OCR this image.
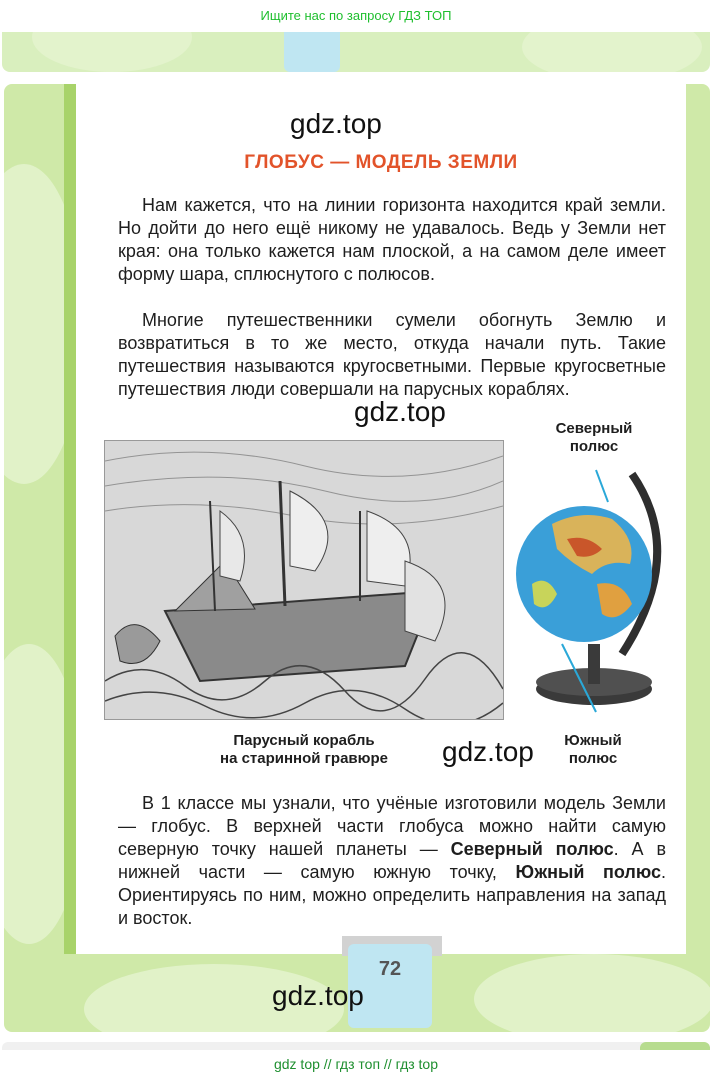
Ищите нас по запросу ГДЗ ТОП
gdz.top
ГЛОБУС — МОДЕЛЬ ЗЕМЛИ

Нам кажется, что на линии горизонта находится край земли. Но дойти до него ещё никому не удавалось. Ведь у Земли нет края: она только кажется нам плоской, а на самом деле имеет форму шара, сплюснутого с полюсов.

Многие путешественники сумели обогнуть Землю и возвратиться в то же место, откуда начали путь. Такие путешествия называются кругосветными. Первые кругосветные путешествия люди совершали на парусных кораблях.

gdz.top
Северный
полюс
Парусный корабль
на старинной гравюре	gdz.top	Южный
полюс

В 1 классе мы узнали, что учёные изготовили модель Земли — глобус. В верхней части глобуса можно найти самую северную точку нашей планеты — Северный полюс. А в нижней части — самую южную точку, Южный полюс. Ориентируясь по ним, можно определить направления на запад и восток.

72
gdz.top
gdz top // гдз топ // гдз top
